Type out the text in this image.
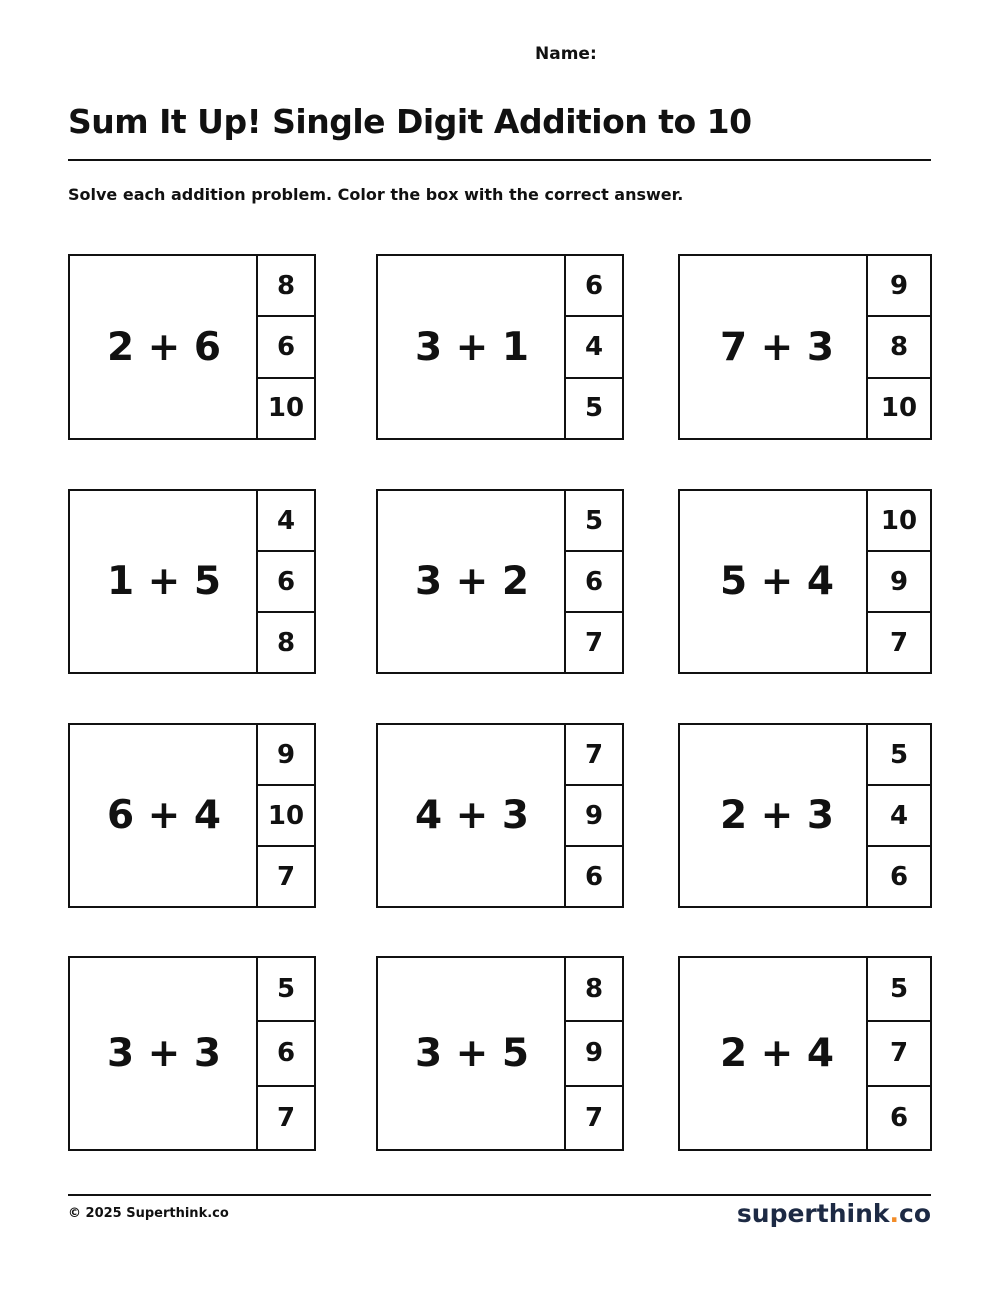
Name:
Sum It Up! Single Digit Addition to 10
Solve each addition problem. Color the box with the correct answer.
2 + 6
8
6
10
3 + 1
6
4
5
7 + 3
9
8
10
1 + 5
4
6
8
3 + 2
5
6
7
5 + 4
10
9
7
6 + 4
9
10
7
4 + 3
7
9
6
2 + 3
5
4
6
3 + 3
5
6
7
3 + 5
8
9
7
2 + 4
5
7
6
© 2025 Superthink.co	superthink.co
